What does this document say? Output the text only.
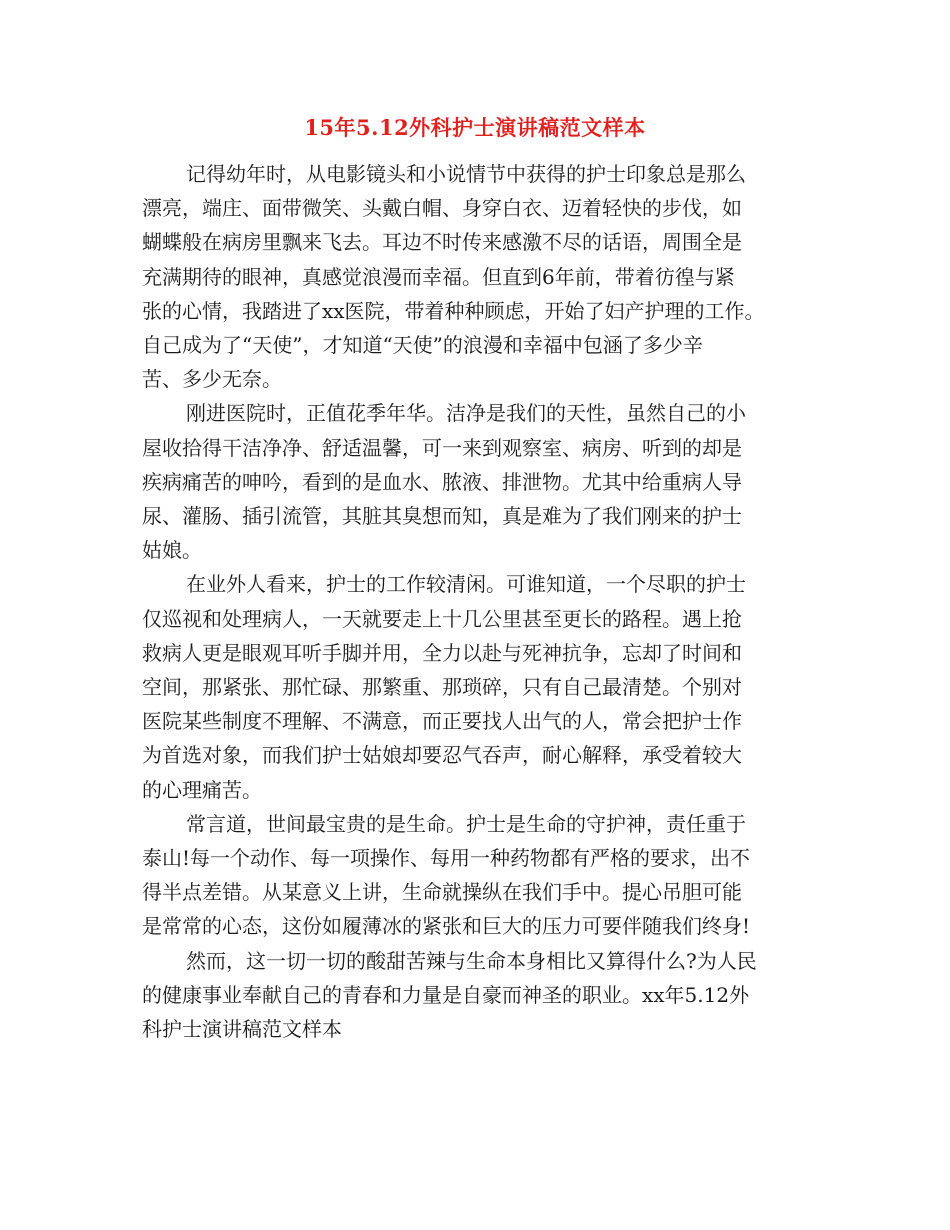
15年5.12外科护士演讲稿范文样本

记得幼年时，从电影镜头和小说情节中获得的护士印象总是那么
漂亮，端庄、面带微笑、头戴白帽、身穿白衣、迈着轻快的步伐，如
蝴蝶般在病房里飘来飞去。耳边不时传来感激不尽的话语，周围全是
充满期待的眼神，真感觉浪漫而幸福。但直到6年前，带着彷徨与紧
张的心情，我踏进了xx医院，带着种种顾虑，开始了妇产护理的工作。
自己成为了“天使”，才知道“天使”的浪漫和幸福中包涵了多少辛
苦、多少无奈。

刚进医院时，正值花季年华。洁净是我们的天性，虽然自己的小
屋收拾得干洁净净、舒适温馨，可一来到观察室、病房、听到的却是
疾病痛苦的呻吟，看到的是血水、脓液、排泄物。尤其中给重病人导
尿、灌肠、插引流管，其脏其臭想而知，真是难为了我们刚来的护士
姑娘。

在业外人看来，护士的工作较清闲。可谁知道，一个尽职的护士
仅巡视和处理病人，一天就要走上十几公里甚至更长的路程。遇上抢
救病人更是眼观耳听手脚并用，全力以赴与死神抗争，忘却了时间和
空间，那紧张、那忙碌、那繁重、那琐碎，只有自己最清楚。个别对
医院某些制度不理解、不满意，而正要找人出气的人，常会把护士作
为首选对象，而我们护士姑娘却要忍气吞声，耐心解释，承受着较大
的心理痛苦。

常言道，世间最宝贵的是生命。护士是生命的守护神，责任重于
泰山!每一个动作、每一项操作、每用一种药物都有严格的要求，出不
得半点差错。从某意义上讲，生命就操纵在我们手中。提心吊胆可能
是常常的心态，这份如履薄冰的紧张和巨大的压力可要伴随我们终身!

然而，这一切一切的酸甜苦辣与生命本身相比又算得什么?为人民
的健康事业奉献自己的青春和力量是自豪而神圣的职业。xx年5.12外
科护士演讲稿范文样本
